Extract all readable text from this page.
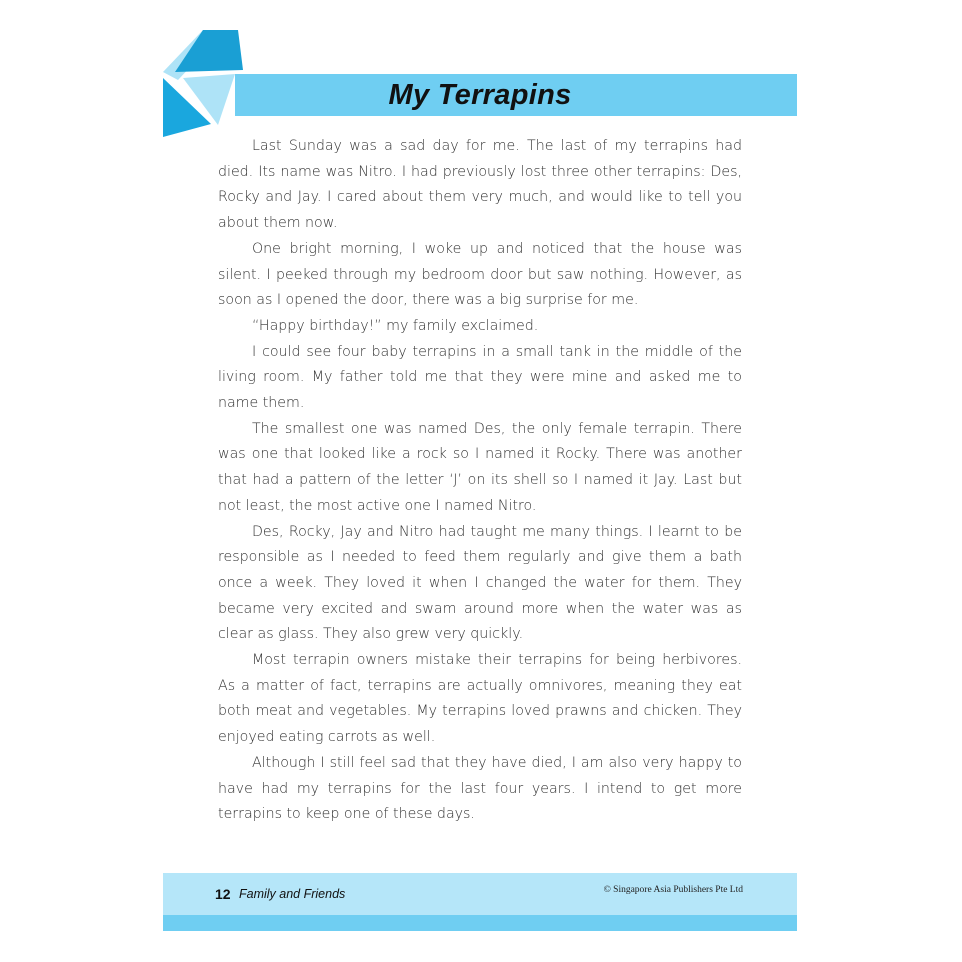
My Terrapins

Last Sunday was a sad day for me. The last of my terrapins had died. Its name was Nitro. I had previously lost three other terrapins: Des, Rocky and Jay. I cared about them very much, and would like to tell you about them now.

One bright morning, I woke up and noticed that the house was silent. I peeked through my bedroom door but saw nothing. However, as soon as I opened the door, there was a big surprise for me.

“Happy birthday!” my family exclaimed.

I could see four baby terrapins in a small tank in the middle of the living room. My father told me that they were mine and asked me to name them.

The smallest one was named Des, the only female terrapin. There was one that looked like a rock so I named it Rocky. There was another that had a pattern of the letter ‘J’ on its shell so I named it Jay. Last but not least, the most active one I named Nitro.

Des, Rocky, Jay and Nitro had taught me many things. I learnt to be responsible as I needed to feed them regularly and give them a bath once a week. They loved it when I changed the water for them. They became very excited and swam around more when the water was as clear as glass. They also grew very quickly.

Most terrapin owners mistake their terrapins for being herbivores. As a matter of fact, terrapins are actually omnivores, meaning they eat both meat and vegetables. My terrapins loved prawns and chicken. They enjoyed eating carrots as well.

Although I still feel sad that they have died, I am also very happy to have had my terrapins for the last four years. I intend to get more terrapins to keep one of these days.

12 Family and Friends	© Singapore Asia Publishers Pte Ltd
